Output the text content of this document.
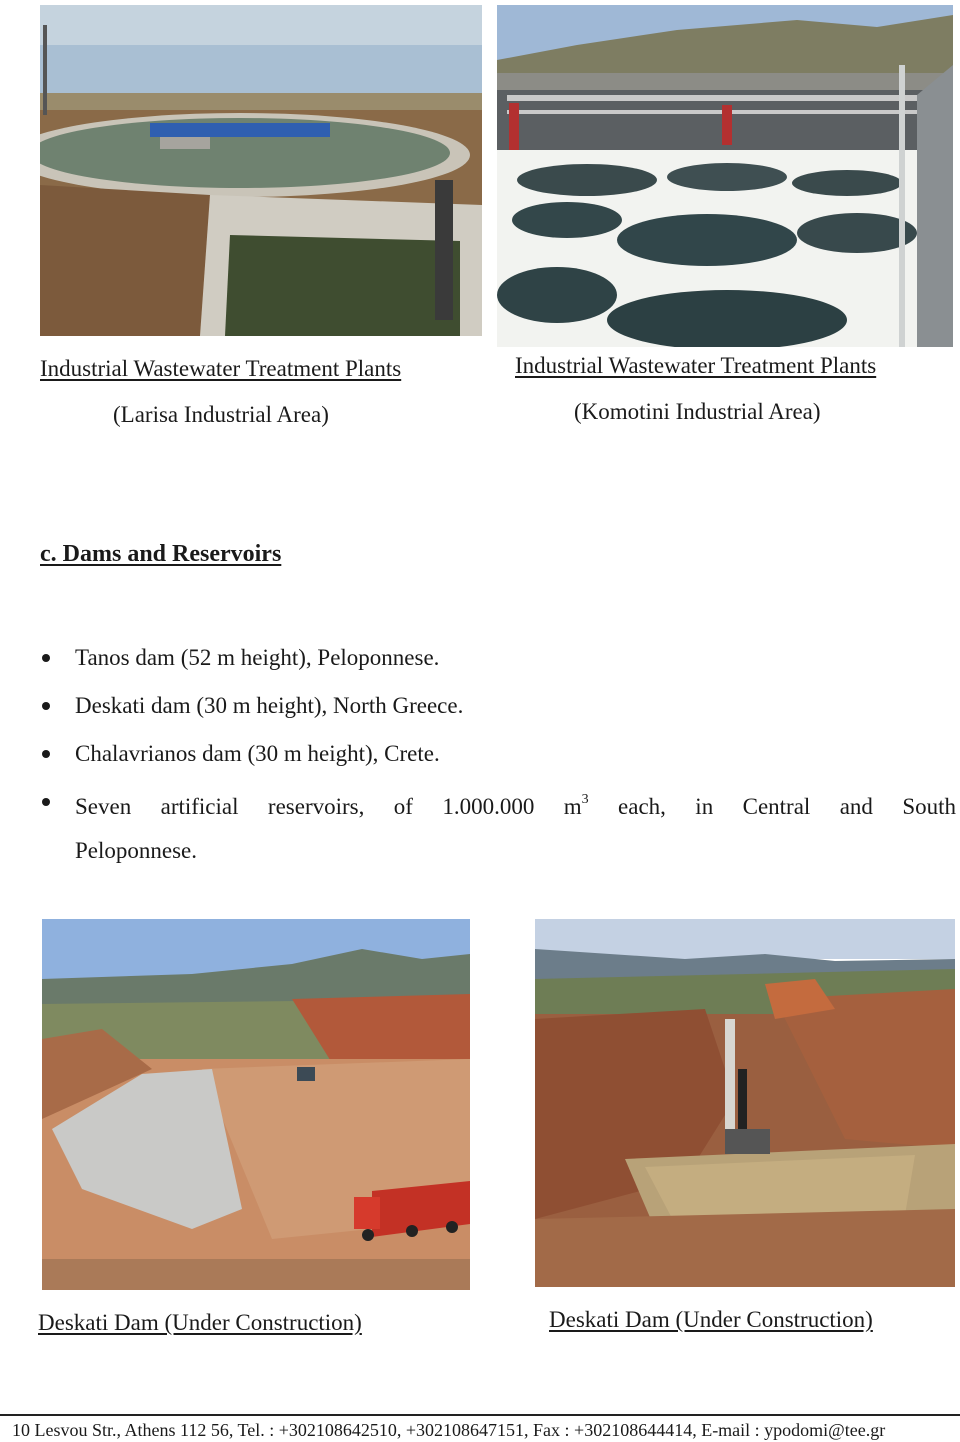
Industrial Wastewater Treatment Plants
(Larisa Industrial Area)
Industrial Wastewater Treatment Plants
(Komotini Industrial Area)
c. Dams and Reservoirs
Tanos dam (52 m height), Peloponnese.
Deskati dam (30 m height), North Greece.
Chalavrianos dam (30 m height), Crete.
Seven artificial reservoirs, of 1.000.000 $m^3$ each, in Central and South
Peloponnese.
Deskati Dam (Under Construction)	Deskati Dam (Under Construction)
10 Lesvou Str., Athens 112 56, Tel. : +302108642510, +302108647151, Fax : +302108644414, E-mail : ypodomi@tee.gr
